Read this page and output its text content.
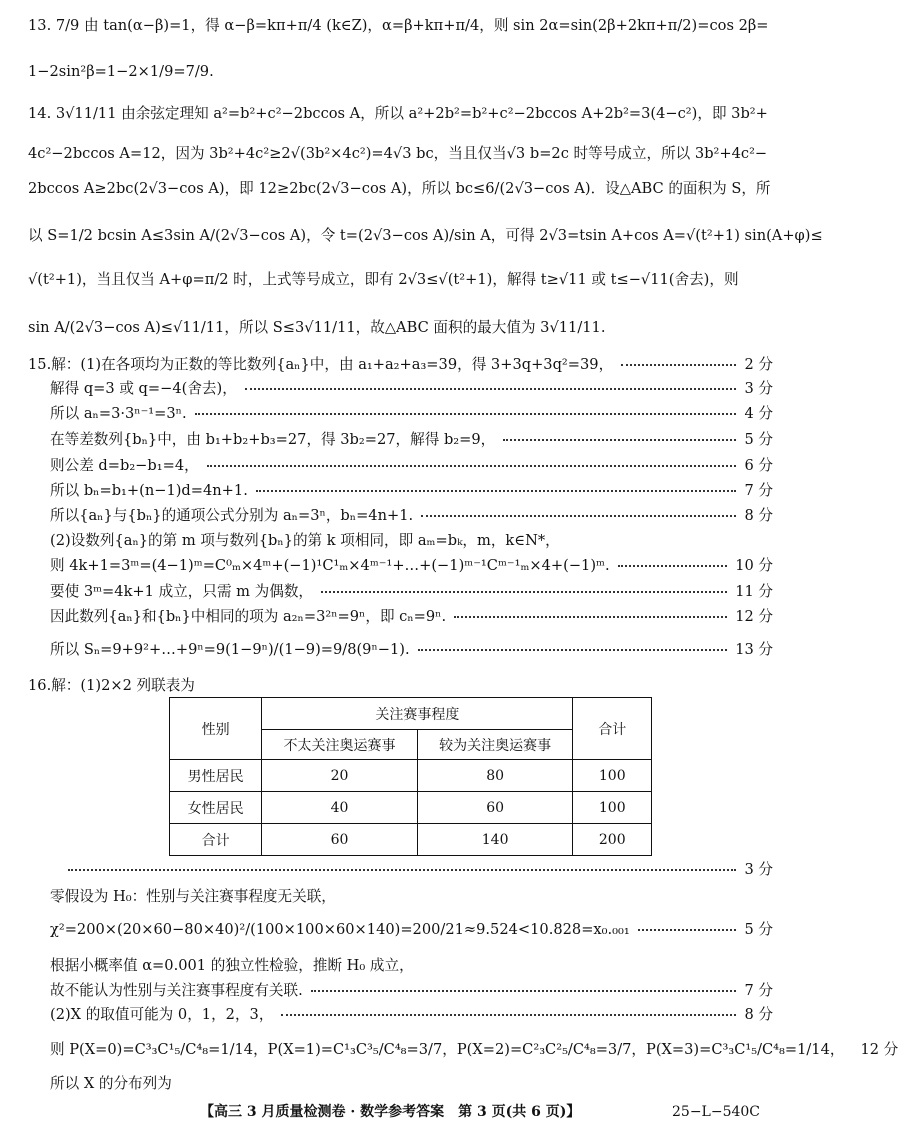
13. 7/9 由 tan(α−β)=1，得 α−β=kπ+π/4 (k∈Z)，α=β+kπ+π/4，则 sin 2α=sin(2β+2kπ+π/2)=cos 2β=
1−2sin²β=1−2×1/9=7/9.
14. 3√11/11 由余弦定理知 a²=b²+c²−2bccos A，所以 a²+2b²=b²+c²−2bccos A+2b²=3(4−c²)，即 3b²+
4c²−2bccos A=12，因为 3b²+4c²≥2√(3b²×4c²)=4√3 bc，当且仅当√3 b=2c 时等号成立，所以 3b²+4c²−
2bccos A≥2bc(2√3−cos A)，即 12≥2bc(2√3−cos A)，所以 bc≤6/(2√3−cos A)．设△ABC 的面积为 S，所
以 S=1/2 bcsin A≤3sin A/(2√3−cos A)，令 t=(2√3−cos A)/sin A，可得 2√3=tsin A+cos A=√(t²+1) sin(A+φ)≤
√(t²+1)，当且仅当 A+φ=π/2 时，上式等号成立，即有 2√3≤√(t²+1)，解得 t≥√11 或 t≤−√11(舍去)，则
sin A/(2√3−cos A)≤√11/11，所以 S≤3√11/11，故△ABC 面积的最大值为 3√11/11.
15.解：(1)在各项均为正数的等比数列{aₙ}中，由 a₁+a₂+a₃=39，得 3+3q+3q²=39，	2 分
解得 q=3 或 q=−4(舍去)，	3 分
所以 aₙ=3·3ⁿ⁻¹=3ⁿ.	4 分
在等差数列{bₙ}中，由 b₁+b₂+b₃=27，得 3b₂=27，解得 b₂=9，	5 分
则公差 d=b₂−b₁=4，	6 分
所以 bₙ=b₁+(n−1)d=4n+1.	7 分
所以{aₙ}与{bₙ}的通项公式分别为 aₙ=3ⁿ，bₙ=4n+1.	8 分
(2)设数列{aₙ}的第 m 项与数列{bₙ}的第 k 项相同，即 aₘ=bₖ，m，k∈N*，
则 4k+1=3ᵐ=(4−1)ᵐ=C⁰ₘ×4ᵐ+(−1)¹C¹ₘ×4ᵐ⁻¹+…+(−1)ᵐ⁻¹Cᵐ⁻¹ₘ×4+(−1)ᵐ.	10 分
要使 3ᵐ=4k+1 成立，只需 m 为偶数，	11 分
因此数列{aₙ}和{bₙ}中相同的项为 a₂ₙ=3²ⁿ=9ⁿ，即 cₙ=9ⁿ.	12 分
所以 Sₙ=9+9²+…+9ⁿ=9(1−9ⁿ)/(1−9)=9/8(9ⁿ−1).	13 分
16.解：(1)2×2 列联表为
性别	关注赛事程度		合计
	不太关注奥运赛事	较为关注奥运赛事	
男性居民	20	80	100
女性居民	40	60	100
合计	60	140	200
3 分
零假设为 H₀：性别与关注赛事程度无关联，
χ²=200×(20×60−80×40)²/(100×100×60×140)=200/21≈9.524<10.828=x₀.₀₀₁	5 分
根据小概率值 α=0.001 的独立性检验，推断 H₀ 成立，
故不能认为性别与关注赛事程度有关联.	7 分
(2)X 的取值可能为 0，1，2，3，	8 分
则 P(X=0)=C³₃C¹₅/C⁴₈=1/14，P(X=1)=C¹₃C³₅/C⁴₈=3/7，P(X=2)=C²₃C²₅/C⁴₈=3/7，P(X=3)=C³₃C¹₅/C⁴₈=1/14， 12 分
所以 X 的分布列为
【高三 3 月质量检测卷 · 数学参考答案　第 3 页(共 6 页)】	25−L−540C
